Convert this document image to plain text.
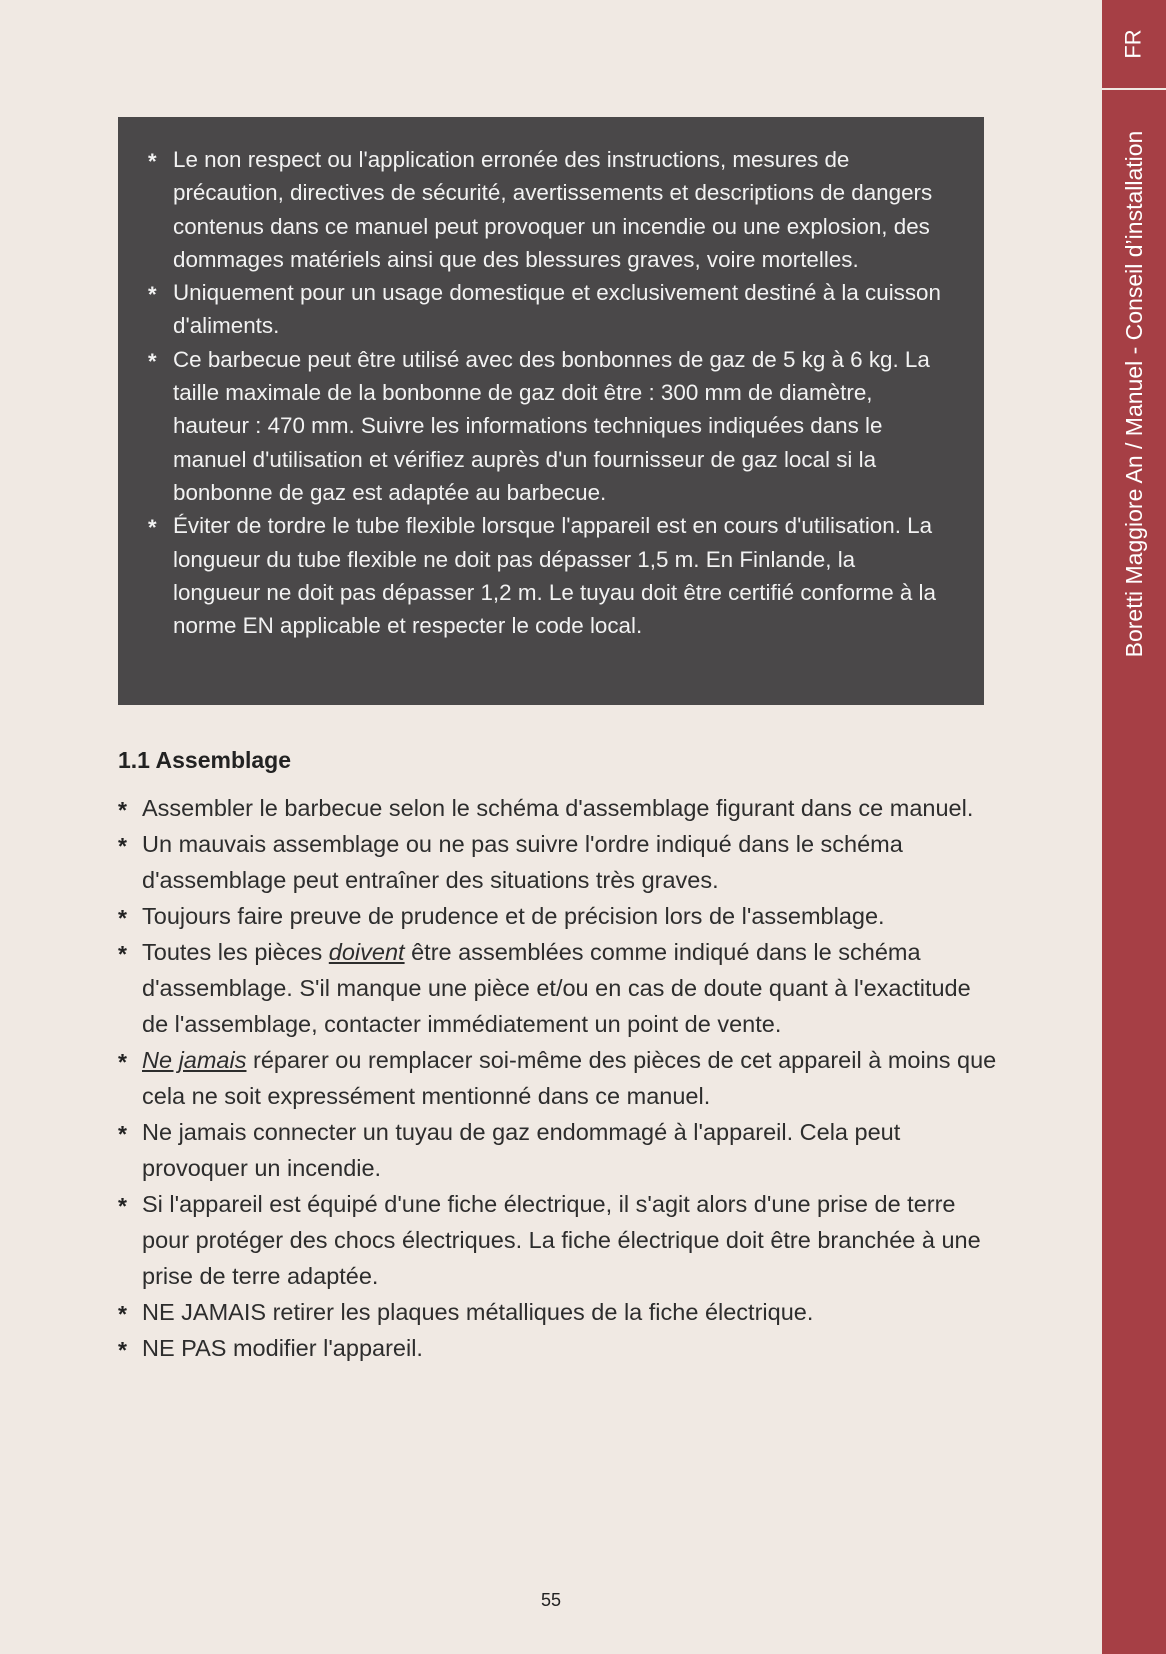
* Le non respect ou l'application erronée des instructions, mesures de précaution, directives de sécurité, avertissements et descriptions de dangers contenus dans ce manuel peut provoquer un incendie ou une explosion, des dommages matériels ainsi que des blessures graves, voire mortelles.
* Uniquement pour un usage domestique et exclusivement destiné à la cuisson d'aliments.
* Ce barbecue peut être utilisé avec des bonbonnes de gaz de 5 kg à 6 kg. La taille maximale de la bonbonne de gaz doit être : 300 mm de diamètre, hauteur : 470 mm. Suivre les informations techniques indiquées dans le manuel d'utilisation et vérifiez auprès d'un fournisseur de gaz local si la bonbonne de gaz est adaptée au barbecue.
* Éviter de tordre le tube flexible lorsque l'appareil est en cours d'utilisation. La longueur du tube flexible ne doit pas dépasser 1,5 m. En Finlande, la longueur ne doit pas dépasser 1,2 m. Le tuyau doit être certifié conforme à la norme EN applicable et respecter le code local.
1.1 Assemblage
* Assembler le barbecue selon le schéma d'assemblage figurant dans ce manuel.
* Un mauvais assemblage ou ne pas suivre l'ordre indiqué dans le schéma d'assemblage peut entraîner des situations très graves.
* Toujours faire preuve de prudence et de précision lors de l'assemblage.
* Toutes les pièces doivent être assemblées comme indiqué dans le schéma d'assemblage. S'il manque une pièce et/ou en cas de doute quant à l'exactitude de l'assemblage, contacter immédiatement un point de vente.
* Ne jamais réparer ou remplacer soi-même des pièces de cet appareil à moins que cela ne soit expressément mentionné dans ce manuel.
* Ne jamais connecter un tuyau de gaz endommagé à l'appareil. Cela peut provoquer un incendie.
* Si l'appareil est équipé d'une fiche électrique, il s'agit alors d'une prise de terre pour protéger des chocs électriques. La fiche électrique doit être branchée à une prise de terre adaptée.
* NE JAMAIS retirer les plaques métalliques de la fiche électrique.
* NE PAS modifier l'appareil.
FR
Boretti Maggiore An / Manuel - Conseil d’installation
55
